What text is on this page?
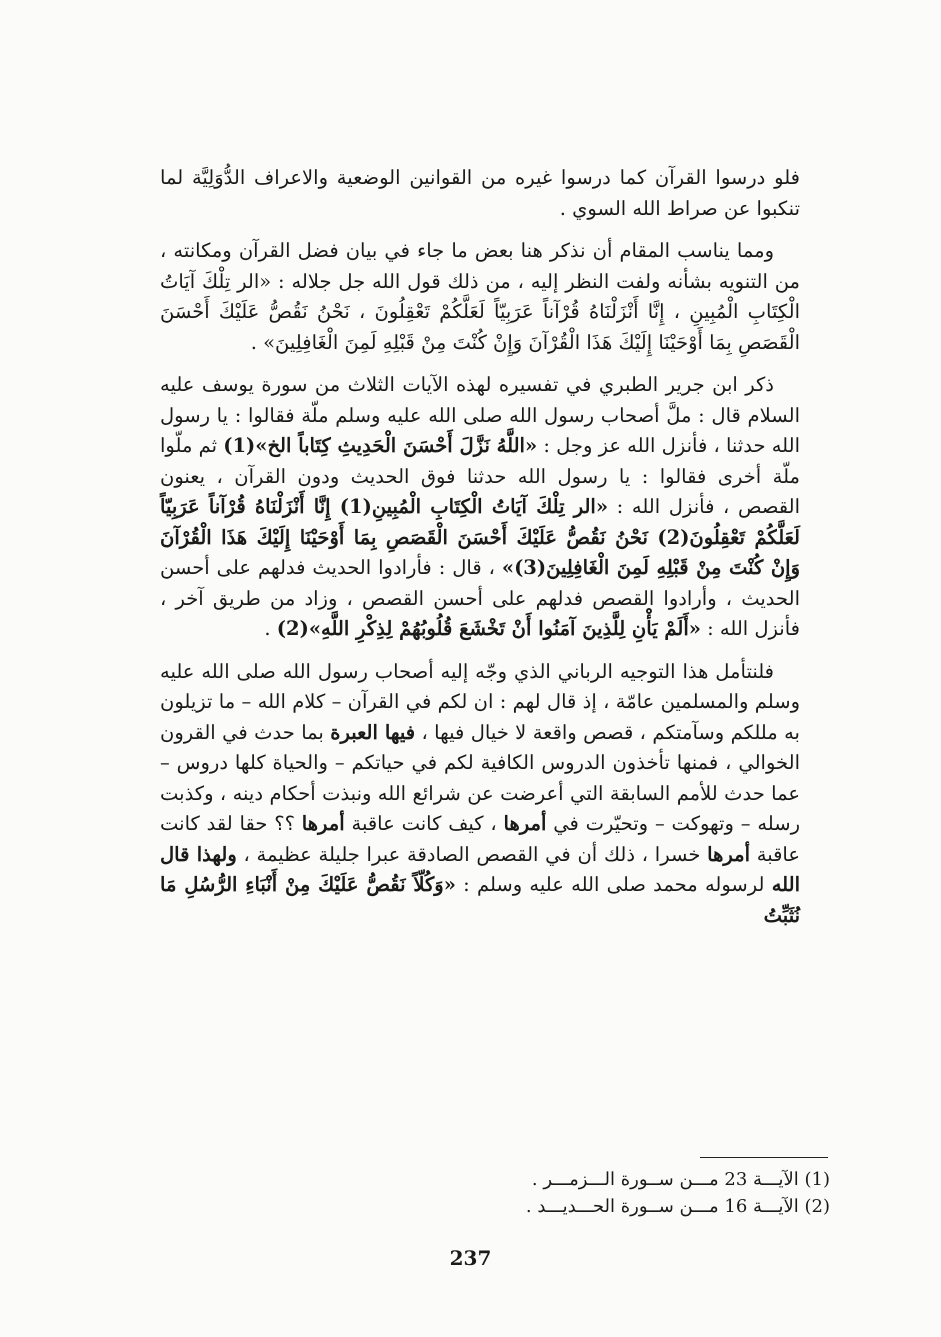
فلو درسوا القرآن كما درسوا غيره من القوانين الوضعية والاعراف الدُّوَلِيَّة لما تنكبوا عن صراط الله السوي .

ومما يناسب المقام أن نذكر هنا بعض ما جاء في بيان فضل القرآن ومكانته ، من التنويه بشأنه ولفت النظر إليه ، من ذلك قول الله جل جلاله : «الر تِلْكَ آيَاتُ الْكِتَابِ الْمُبِينِ ، إِنَّا أَنْزَلْنَاهُ قُرْآناً عَرَبِيّاً لَعَلَّكُمْ تَعْقِلُونَ ، نَحْنُ نَقُصُّ عَلَيْكَ أَحْسَنَ الْقَصَصِ بِمَا أَوْحَيْنَا إِلَيْكَ هَذَا الْقُرْآنَ وَإِنْ كُنْتَ مِنْ قَبْلِهِ لَمِنَ الْغَافِلِينَ» .

ذكر ابن جرير الطبري في تفسيره لهذه الآيات الثلاث من سورة يوسف عليه السلام قال : ملَّ أصحاب رسول الله صلى الله عليه وسلم ملّة فقالوا : يا رسول الله حدثنا ، فأنزل الله عز وجل : «اللَّهُ نَزَّلَ أَحْسَنَ الْحَدِيثِ كِتَاباً الخ»(1) ثم ملّوا ملّة أخرى فقالوا : يا رسول الله حدثنا فوق الحديث ودون القرآن ، يعنون القصص ، فأنزل الله : «الر تِلْكَ آيَاتُ الْكِتَابِ الْمُبِينِ(1) إِنَّا أَنْزَلْنَاهُ قُرْآناً عَرَبِيّاً لَعَلَّكُمْ تَعْقِلُونَ(2) نَحْنُ نَقُصُّ عَلَيْكَ أَحْسَنَ الْقَصَصِ بِمَا أَوْحَيْنَا إِلَيْكَ هَذَا الْقُرْآنَ وَإِنْ كُنْتَ مِنْ قَبْلِهِ لَمِنَ الْغَافِلِينَ(3)» ، قال : فأرادوا الحديث فدلهم على أحسن الحديث ، وأرادوا القصص فدلهم على أحسن القصص ، وزاد من طريق آخر ، فأنزل الله : «أَلَمْ يَأْنِ لِلَّذِينَ آمَنُوا أَنْ تَخْشَعَ قُلُوبُهُمْ لِذِكْرِ اللَّهِ»(2) .

فلنتأمل هذا التوجيه الرباني الذي وجّه إليه أصحاب رسول الله صلى الله عليه وسلم والمسلمين عامّة ، إذ قال لهم : ان لكم في القرآن – كلام الله – ما تزيلون به مللكم وسآمتكم ، قصص واقعة لا خيال فيها ، فيها العبرة بما حدث في القرون الخوالي ، فمنها تأخذون الدروس الكافية لكم في حياتكم – والحياة كلها دروس – عما حدث للأمم السابقة التي أعرضت عن شرائع الله ونبذت أحكام دينه ، وكذبت رسله – وتهوكت – وتحيّرت في أمرها ، كيف كانت عاقبة أمرها ؟؟ حقا لقد كانت عاقبة أمرها خسرا ، ذلك أن في القصص الصادقة عبرا جليلة عظيمة ، ولهذا قال الله لرسوله محمد صلى الله عليه وسلم : «وَكُلّاً نَقُصُّ عَلَيْكَ مِنْ أَنْبَاءِ الرُّسُلِ مَا نُثَبِّتُ

(1) الآيـــة 23 مـــن ســورة الـــزمـــر .

(2) الآيـــة 16 مـــن ســورة الحـــديـــد .

237
